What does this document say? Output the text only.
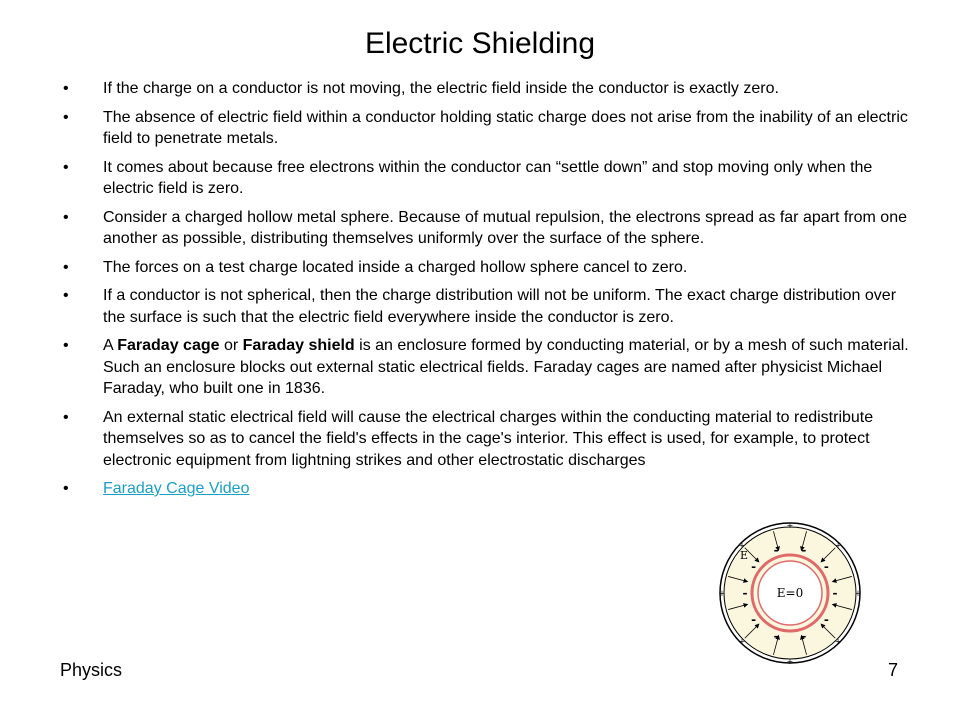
Electric Shielding
• If the charge on a conductor is not moving, the electric field inside the conductor is exactly zero.
• The absence of electric field within a conductor holding static charge does not arise from the inability of an electric field to penetrate metals.
• It comes about because free electrons within the conductor can “settle down” and stop moving only when the electric field is zero.
• Consider a charged hollow metal sphere. Because of mutual repulsion, the electrons spread as far apart from one another as possible, distributing themselves uniformly over the surface of the sphere.
• The forces on a test charge located inside a charged hollow sphere cancel to zero.
• If a conductor is not spherical, then the charge distribution will not be uniform. The exact charge distribution over the surface is such that the electric field everywhere inside the conductor is zero.
• A Faraday cage or Faraday shield is an enclosure formed by conducting material, or by a mesh of such material. Such an enclosure blocks out external static electrical fields. Faraday cages are named after physicist Michael Faraday, who built one in 1836.
• An external static electrical field will cause the electrical charges within the conducting material to redistribute themselves so as to cancel the field's effects in the cage's interior. This effect is used, for example, to protect electronic equipment from lightning strikes and other electrostatic discharges
• Faraday Cage Video
-
-
-
-
-
-
-
- -
-
+
+
+
+
+
+
+
+
E
E=0
Physics	7
